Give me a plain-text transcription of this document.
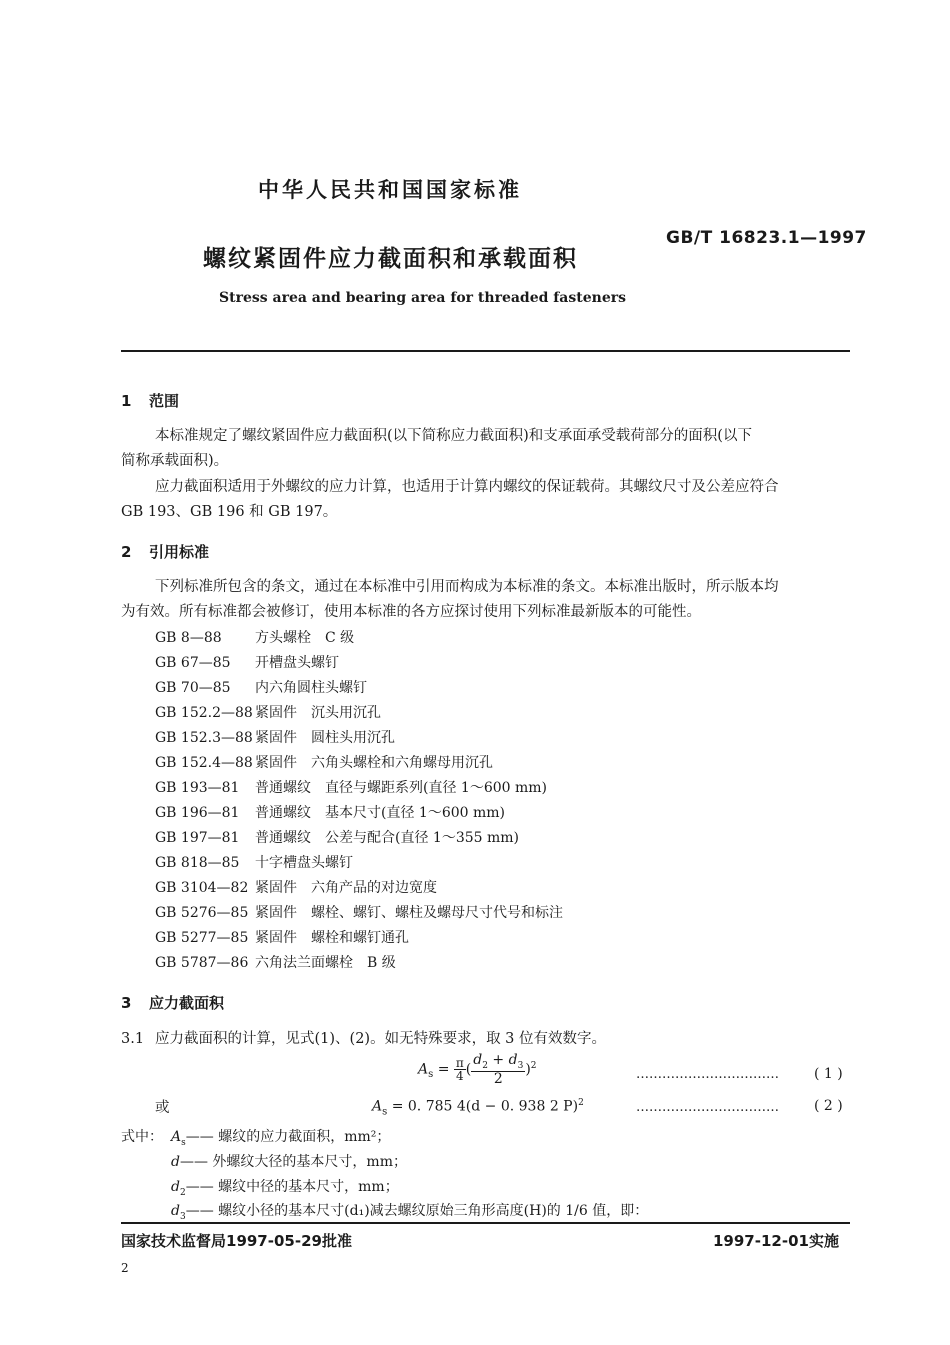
中华人民共和国国家标准
GB/T 16823.1—1997
螺纹紧固件应力截面积和承载面积
Stress area and bearing area for threaded fasteners
1 范围
本标准规定了螺纹紧固件应力截面积(以下简称应力截面积)和支承面承受载荷部分的面积(以下
简称承载面积)。
应力截面积适用于外螺纹的应力计算，也适用于计算内螺纹的保证载荷。其螺纹尺寸及公差应符合
GB 193、GB 196 和 GB 197。
2 引用标准
下列标准所包含的条文，通过在本标准中引用而构成为本标准的条文。本标准出版时，所示版本均
为有效。所有标准都会被修订，使用本标准的各方应探讨使用下列标准最新版本的可能性。
GB 8—88 方头螺栓　C 级
GB 67—85 开槽盘头螺钉
GB 70—85 内六角圆柱头螺钉
GB 152.2—88 紧固件　沉头用沉孔
GB 152.3—88 紧固件　圆柱头用沉孔
GB 152.4—88 紧固件　六角头螺栓和六角螺母用沉孔
GB 193—81 普通螺纹　直径与螺距系列(直径 1～600 mm)
GB 196—81 普通螺纹　基本尺寸(直径 1～600 mm)
GB 197—81 普通螺纹　公差与配合(直径 1～355 mm)
GB 818—85 十字槽盘头螺钉
GB 3104—82 紧固件　六角产品的对边宽度
GB 5276—85 紧固件　螺栓、螺钉、螺柱及螺母尺寸代号和标注
GB 5277—85 紧固件　螺栓和螺钉通孔
GB 5787—86 六角法兰面螺栓　B 级
3 应力截面积
3.1 应力截面积的计算，见式(1)、(2)。如无特殊要求，取 3 位有效数字。
$A_s = \frac{\pi}{4}$ ( $\frac{d_2 + d_3}{2} )^2$
……………………………	( 1 )
或	$A_s = 0$. 785 4(d − 0. 938 2 P)$^2$	……………………………	( 2 )
式中： $A_s——$ 螺纹的应力截面积，mm²；
d—— 外螺纹大径的基本尺寸，mm；
$d_2——$ 螺纹中径的基本尺寸，mm；
$d_3——$ 螺纹小径的基本尺寸(d₁)减去螺纹原始三角形高度(H)的 1/6 值，即：
国家技术监督局1997-05-29批准	1997-12-01实施
2
